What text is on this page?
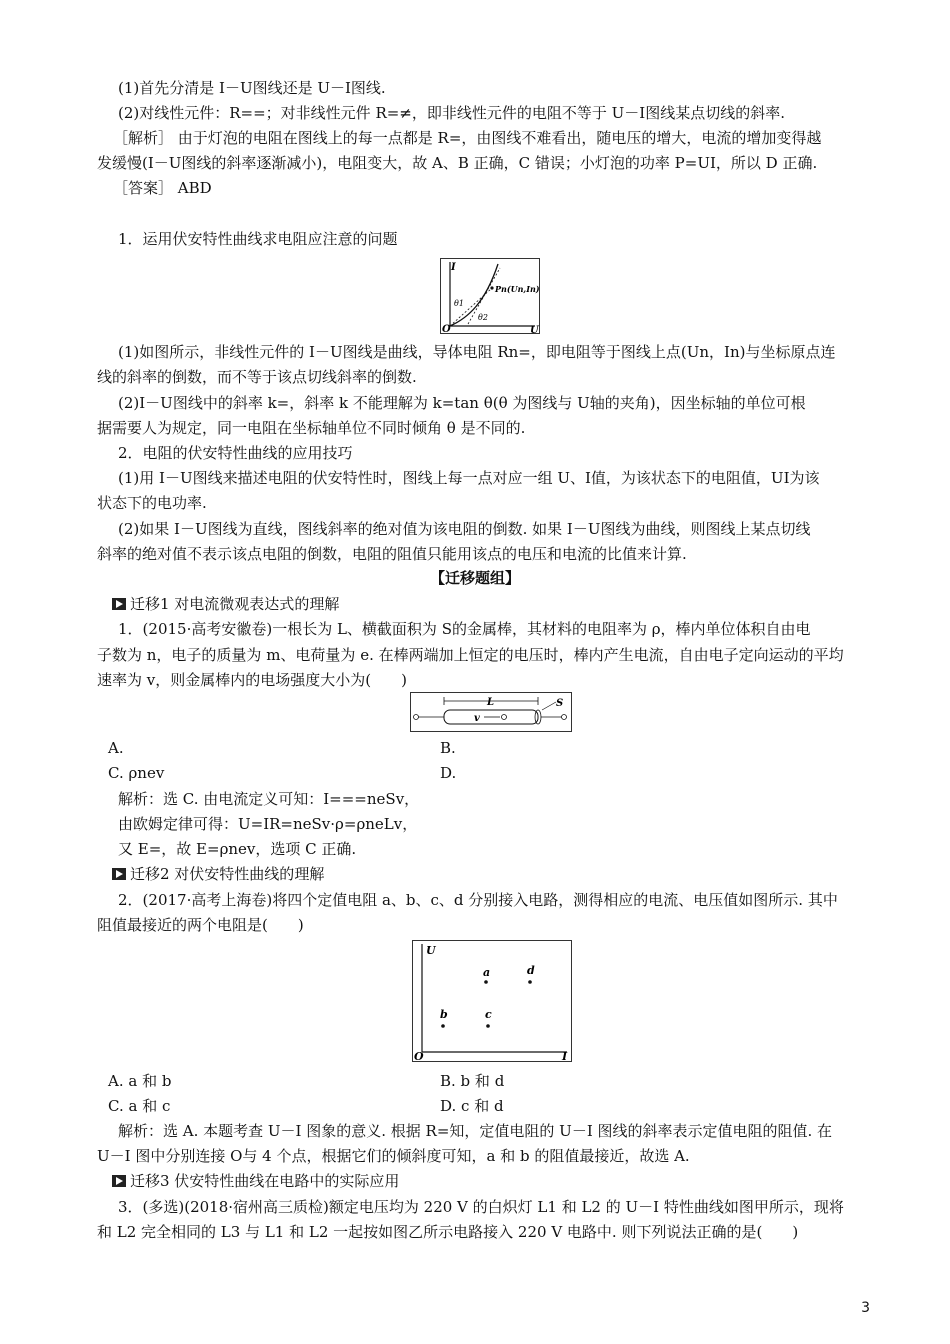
(1)首先分清是 I－U图线还是 U－I图线.
(2)对线性元件：R==；对非线性元件 R=≠，即非线性元件的电阻不等于 U－I图线某点切线的斜率.
［解析］ 由于灯泡的电阻在图线上的每一点都是 R=，由图线不难看出，随电压的增大，电流的增加变得越
发缓慢(I－U图线的斜率逐渐减小)，电阻变大，故 A、B 正确，C 错误；小灯泡的功率 P=UI，所以 D 正确.
［答案］ ABD
1．运用伏安特性曲线求电阻应注意的问题
I
U
O
Pn(Un,In)
θ1
θ2
(1)如图所示，非线性元件的 I－U图线是曲线，导体电阻 Rn=，即电阻等于图线上点(Un，In)与坐标原点连
线的斜率的倒数，而不等于该点切线斜率的倒数.
(2)I－U图线中的斜率 k=，斜率 k 不能理解为 k=tan θ(θ 为图线与 U轴的夹角)，因坐标轴的单位可根
据需要人为规定，同一电阻在坐标轴单位不同时倾角 θ 是不同的.
2．电阻的伏安特性曲线的应用技巧
(1)用 I－U图线来描述电阻的伏安特性时，图线上每一点对应一组 U、I值，为该状态下的电阻值，UI为该
状态下的电功率.
(2)如果 I－U图线为直线，图线斜率的绝对值为该电阻的倒数. 如果 I－U图线为曲线，则图线上某点切线
斜率的绝对值不表示该点电阻的倒数，电阻的阻值只能用该点的电压和电流的比值来计算.
【迁移题组】
迁移1 对电流微观表达式的理解
1．(2015·高考安徽卷)一根长为 L、横截面积为 S的金属棒，其材料的电阻率为 ρ，棒内单位体积自由电
子数为 n，电子的质量为 m、电荷量为 e. 在棒两端加上恒定的电压时，棒内产生电流，自由电子定向运动的平均
速率为 v，则金属棒内的电场强度大小为(　　)
L
v
S
A.	B.
C. ρnev	D.
解析：选 C. 由电流定义可知：I===neSv，
由欧姆定律可得：U=IR=neSv·ρ=ρneLv，
又 E=，故 E=ρnev，选项 C 正确.
迁移2 对伏安特性曲线的理解
2．(2017·高考上海卷)将四个定值电阻 a、b、c、d 分别接入电路，测得相应的电流、电压值如图所示. 其中
阻值最接近的两个电阻是(　　)
U
I
O
a	d
b	c
A. a 和 b	B. b 和 d
C. a 和 c	D. c 和 d
解析：选 A. 本题考查 U－I 图象的意义. 根据 R=知，定值电阻的 U－I 图线的斜率表示定值电阻的阻值. 在
U－I 图中分别连接 O与 4 个点，根据它们的倾斜度可知，a 和 b 的阻值最接近，故选 A.
迁移3 伏安特性曲线在电路中的实际应用
3．(多选)(2018·宿州高三质检)额定电压均为 220 V 的白炽灯 L1 和 L2 的 U－I 特性曲线如图甲所示，现将
和 L2 完全相同的 L3 与 L1 和 L2 一起按如图乙所示电路接入 220 V 电路中. 则下列说法正确的是(　　)
3
